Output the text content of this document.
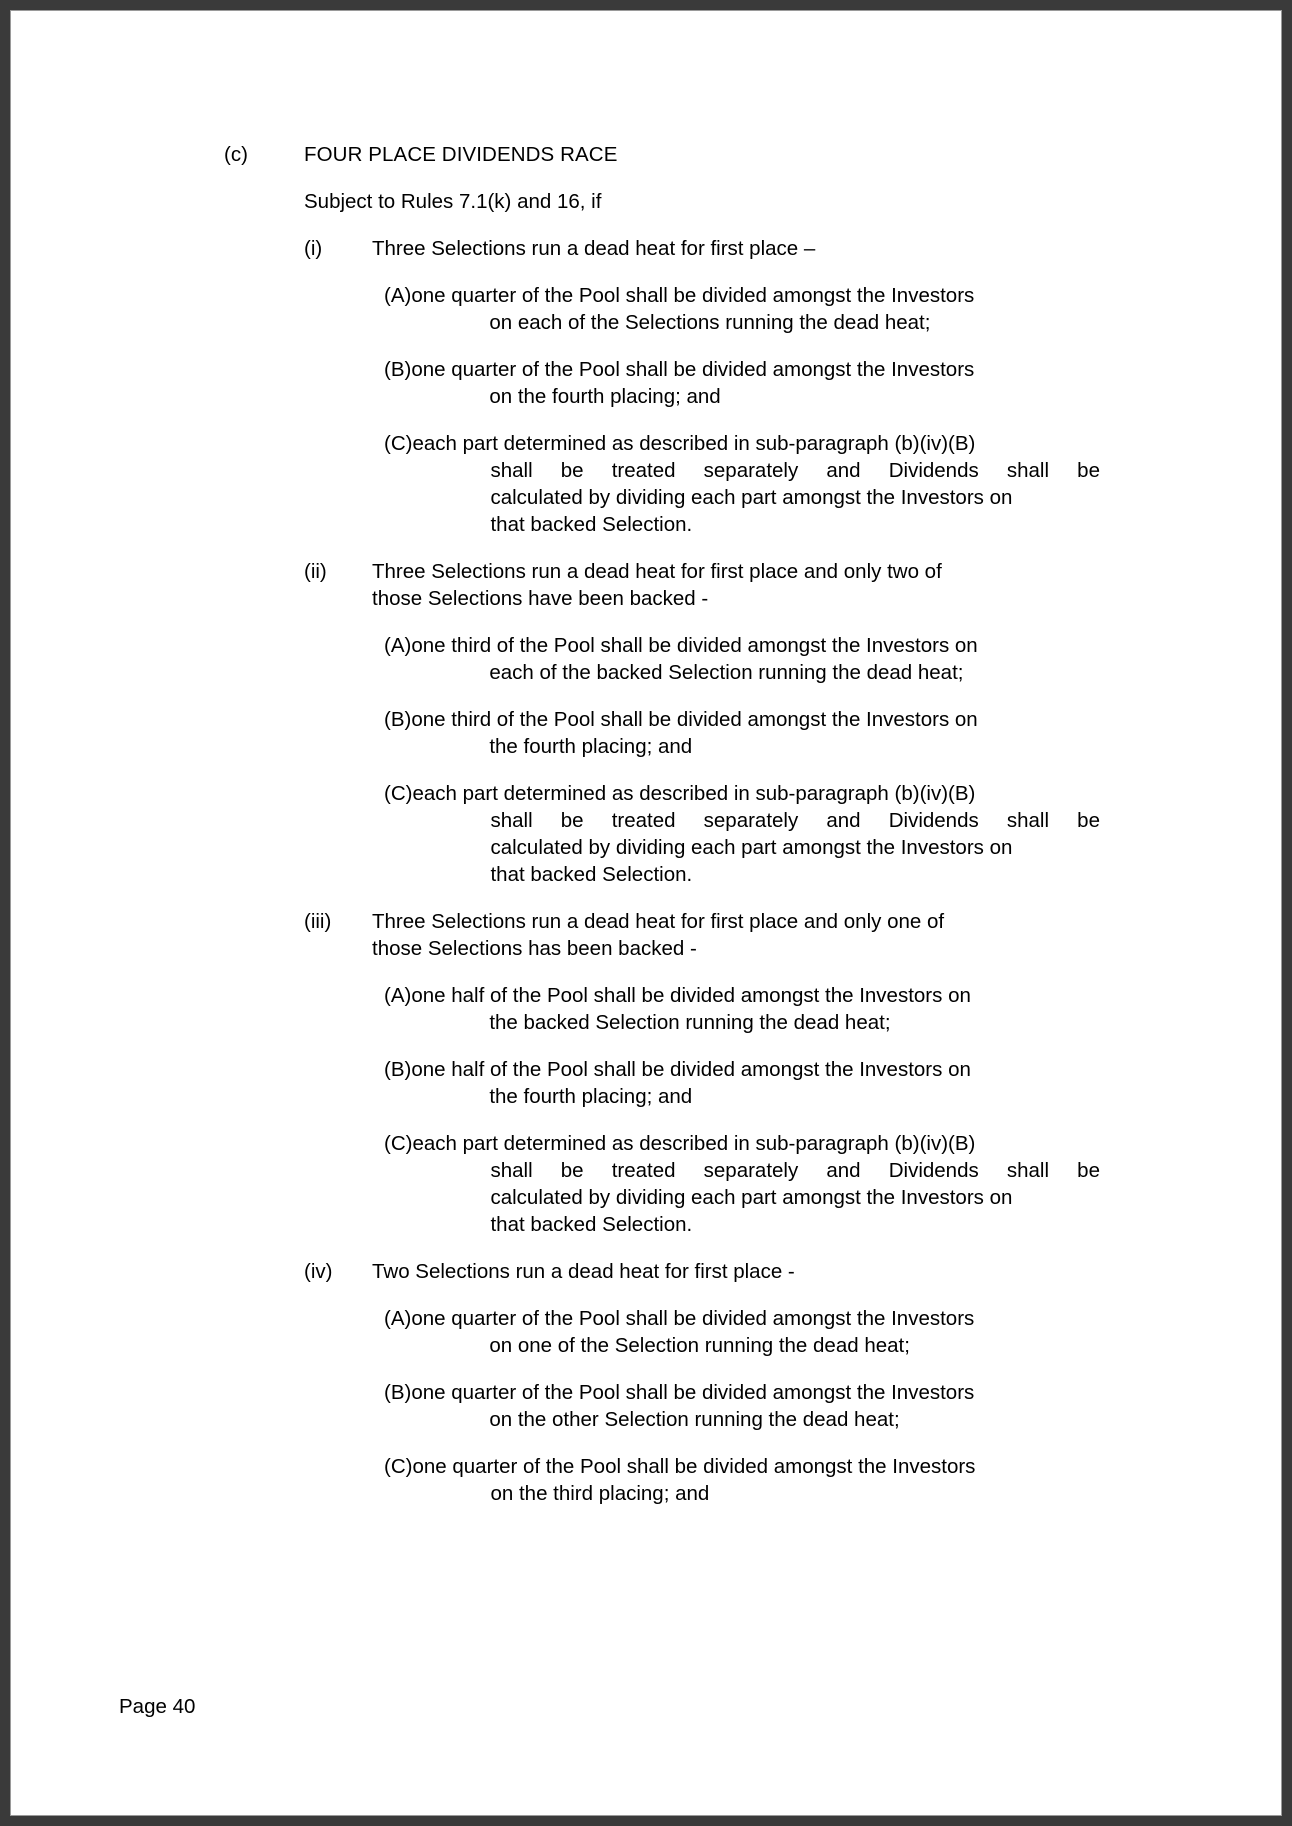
(c)	FOUR PLACE DIVIDENDS RACE
Subject to Rules 7.1(k) and 16, if
(i)	Three Selections run a dead heat for first place –
(A) one quarter of the Pool shall be divided amongst the Investors
on each of the Selections running the dead heat;
(B) one quarter of the Pool shall be divided amongst the Investors
on the fourth placing; and
(C) each part determined as described in sub-paragraph (b)(iv)(B)
shall be treated separately and Dividends shall be
calculated by dividing each part amongst the Investors on
that backed Selection.
(ii)	Three Selections run a dead heat for first place and only two of
those Selections have been backed -
(A) one third of the Pool shall be divided amongst the Investors on
each of the backed Selection running the dead heat;
(B) one third of the Pool shall be divided amongst the Investors on
the fourth placing; and
(C) each part determined as described in sub-paragraph (b)(iv)(B)
shall be treated separately and Dividends shall be
calculated by dividing each part amongst the Investors on
that backed Selection.
(iii)	Three Selections run a dead heat for first place and only one of
those Selections has been backed -
(A) one half of the Pool shall be divided amongst the Investors on
the backed Selection running the dead heat;
(B) one half of the Pool shall be divided amongst the Investors on
the fourth placing; and
(C) each part determined as described in sub-paragraph (b)(iv)(B)
shall be treated separately and Dividends shall be
calculated by dividing each part amongst the Investors on
that backed Selection.
(iv)	Two Selections run a dead heat for first place -
(A) one quarter of the Pool shall be divided amongst the Investors
on one of the Selection running the dead heat;
(B) one quarter of the Pool shall be divided amongst the Investors
on the other Selection running the dead heat;
(C) one quarter of the Pool shall be divided amongst the Investors
on the third placing; and
Page 40
